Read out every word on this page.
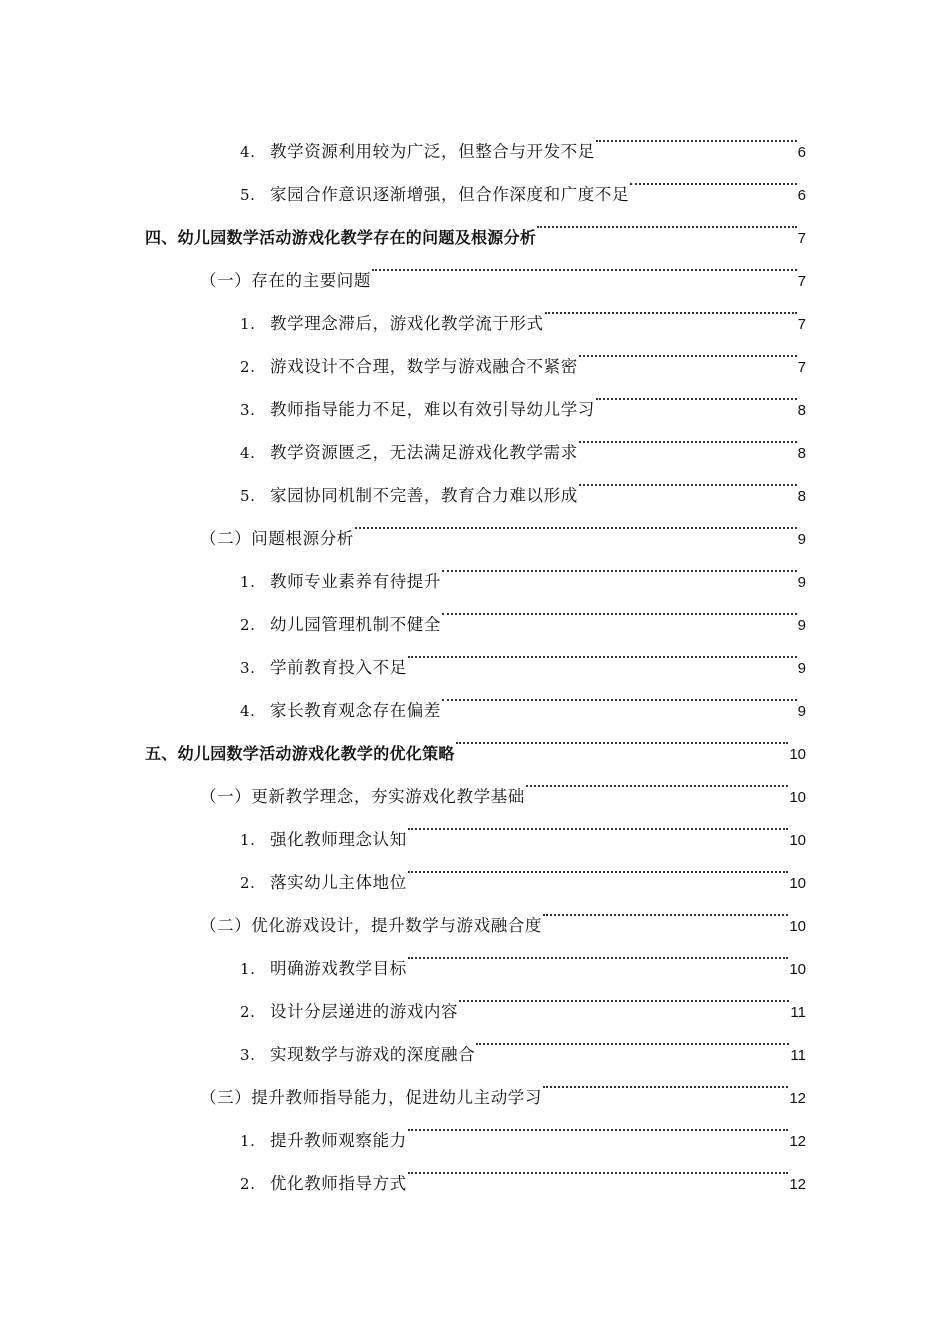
4. 教学资源利用较为广泛，但整合与开发不足	6
5. 家园合作意识逐渐增强，但合作深度和广度不足	6
四、幼儿园数学活动游戏化教学存在的问题及根源分析	7
（一）存在的主要问题	7
1. 教学理念滞后，游戏化教学流于形式	7
2. 游戏设计不合理，数学与游戏融合不紧密	7
3. 教师指导能力不足，难以有效引导幼儿学习	8
4. 教学资源匮乏，无法满足游戏化教学需求	8
5. 家园协同机制不完善，教育合力难以形成	8
（二）问题根源分析	9
1. 教师专业素养有待提升	9
2. 幼儿园管理机制不健全	9
3. 学前教育投入不足	9
4. 家长教育观念存在偏差	9
五、幼儿园数学活动游戏化教学的优化策略	10
（一）更新教学理念，夯实游戏化教学基础	10
1. 强化教师理念认知	10
2. 落实幼儿主体地位	10
（二）优化游戏设计，提升数学与游戏融合度	10
1. 明确游戏教学目标	10
2. 设计分层递进的游戏内容	11
3. 实现数学与游戏的深度融合	11
（三）提升教师指导能力，促进幼儿主动学习	12
1. 提升教师观察能力	12
2. 优化教师指导方式	12
